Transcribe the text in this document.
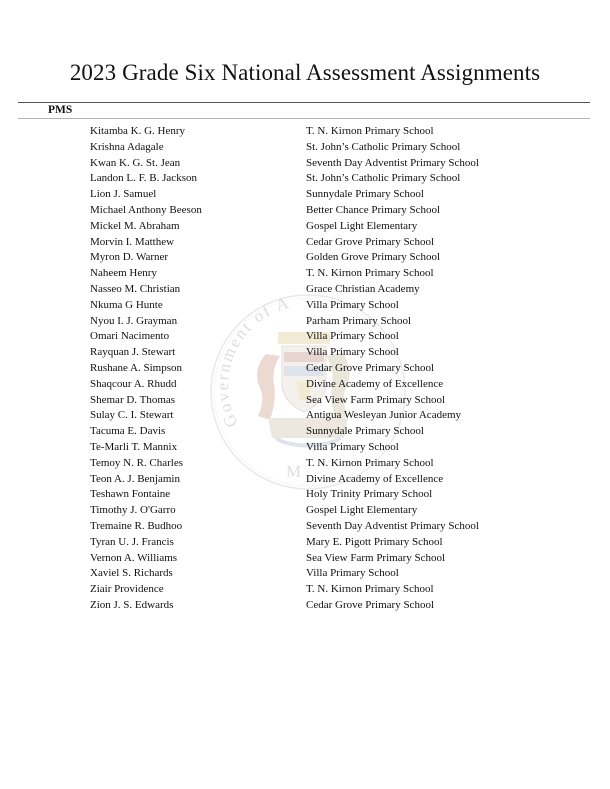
2023 Grade Six National Assessment Assignments
PMS
Government of A
M
Kitamba K. G. Henry	T. N. Kirnon Primary School
Krishna Adagale	St. John’s Catholic Primary School
Kwan K. G. St. Jean	Seventh Day Adventist Primary School
Landon L. F. B. Jackson	St. John’s Catholic Primary School
Lion J. Samuel	Sunnydale Primary School
Michael Anthony Beeson	Better Chance Primary School
Mickel M. Abraham	Gospel Light Elementary
Morvin I. Matthew	Cedar Grove Primary School
Myron D. Warner	Golden Grove Primary School
Naheem Henry	T. N. Kirnon Primary School
Nasseo M. Christian	Grace Christian Academy
Nkuma G Hunte	Villa Primary School
Nyou I. J. Grayman	Parham Primary School
Omari Nacimento	Villa Primary School
Rayquan J. Stewart	Villa Primary School
Rushane A. Simpson	Cedar Grove Primary School
Shaqcour A. Rhudd	Divine Academy of Excellence
Shemar D. Thomas	Sea View Farm Primary School
Sulay C. I. Stewart	Antigua Wesleyan Junior Academy
Tacuma E. Davis	Sunnydale Primary School
Te-Marli T. Mannix	Villa Primary School
Temoy N. R. Charles	T. N. Kirnon Primary School
Teon A. J. Benjamin	Divine Academy of Excellence
Teshawn Fontaine	Holy Trinity Primary School
Timothy J. O'Garro	Gospel Light Elementary
Tremaine R. Budhoo	Seventh Day Adventist Primary School
Tyran U. J. Francis	Mary E. Pigott Primary School
Vernon A. Williams	Sea View Farm Primary School
Xaviel S. Richards	Villa Primary School
Ziair Providence	T. N. Kirnon Primary School
Zion J. S. Edwards	Cedar Grove Primary School
